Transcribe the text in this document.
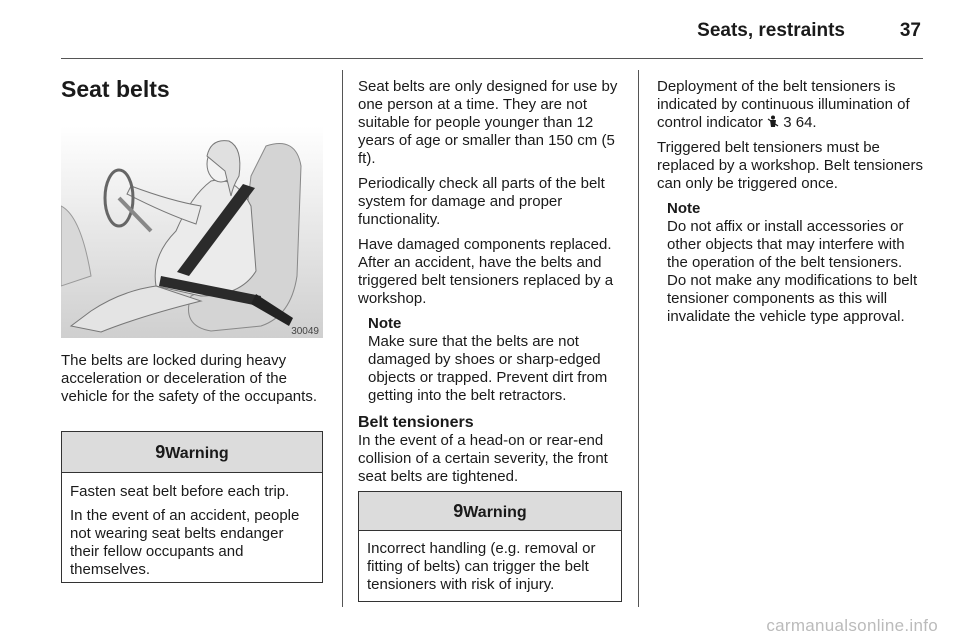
Seats, restraints	37
Seat belts
30049

The belts are locked during heavy acceleration or deceleration of the vehicle for the safety of the occupants.

9Warning

Fasten seat belt before each trip.

In the event of an accident, people not wearing seat belts endanger their fellow occupants and themselves.

Seat belts are only designed for use by one person at a time. They are not suitable for people younger than 12 years of age or smaller than 150 cm (5 ft).

Periodically check all parts of the belt system for damage and proper functionality.

Have damaged components replaced. After an accident, have the belts and triggered belt tensioners replaced by a workshop.

Note
Make sure that the belts are not damaged by shoes or sharp-edged objects or trapped. Prevent dirt from getting into the belt retractors.
Belt tensioners

In the event of a head-on or rear-end collision of a certain severity, the front seat belts are tightened.

9Warning

Incorrect handling (e.g. removal or fitting of belts) can trigger the belt tensioners with risk of injury.

Deployment of the belt tensioners is indicated by continuous illumination of control indicator  3 64.

Triggered belt tensioners must be replaced by a workshop. Belt tensioners can only be triggered once.

Note
Do not affix or install accessories or other objects that may interfere with the operation of the belt tensioners.
Do not make any modifications to belt tensioner components as this will invalidate the vehicle type approval.
carmanualsonline.info
